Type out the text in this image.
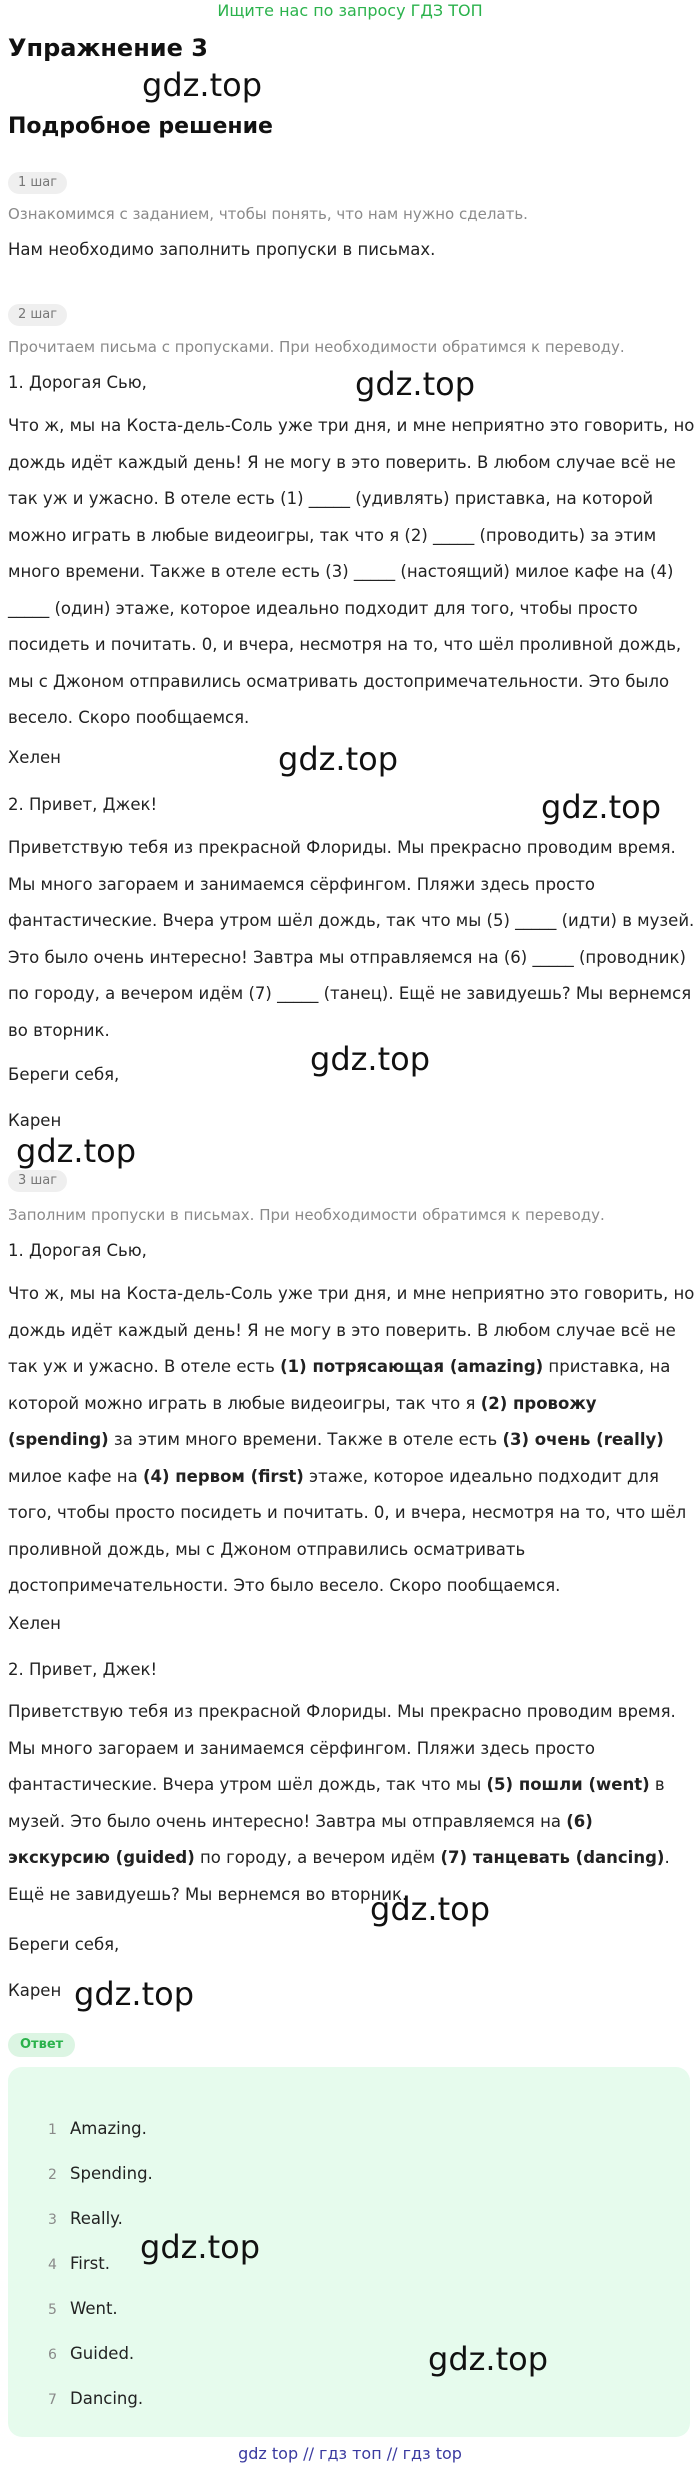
Ищите нас по запросу ГДЗ ТОП
Упражнение 3
gdz.top
Подробное решение
1 шаг
Ознакомимся с заданием, чтобы понять, что нам нужно сделать.
Нам необходимо заполнить пропуски в письмах.
2 шаг
Прочитаем письма с пропусками. При необходимости обратимся к переводу.
1. Дорогая Сью,	gdz.top
Что ж, мы на Коста-дель-Соль уже три дня, и мне неприятно это говорить, но дождь идёт каждый день! Я не могу в это поверить. В любом случае всё не так уж и ужасно. В отеле есть (1) _____ (удивлять) приставка, на которой можно играть в любые видеоигры, так что я (2) _____ (проводить) за этим много времени. Также в отеле есть (3) _____ (настоящий) милое кафе на (4) _____ (один) этаже, которое идеально подходит для того, чтобы просто посидеть и почитать. 0, и вчера, несмотря на то, что шёл проливной дождь, мы с Джоном отправились осматривать достопримечательности. Это было весело. Скоро пообщаемся.
Хелен	gdz.top
gdz.top
2. Привет, Джек!
Приветствую тебя из прекрасной Флориды. Мы прекрасно проводим время. Мы много загораем и занимаемся сёрфингом. Пляжи здесь просто фантастические. Вчера утром шёл дождь, так что мы (5) _____ (идти) в музей. Это было очень интересно! Завтра мы отправляемся на (6) _____ (проводник) по городу, а вечером идём (7) _____ (танец). Ещё не завидуешь? Мы вернемся во вторник.
gdz.top
Береги себя,
Карен
gdz.top
3 шаг
Заполним пропуски в письмах. При необходимости обратимся к переводу.
1. Дорогая Сью,
Что ж, мы на Коста-дель-Соль уже три дня, и мне неприятно это говорить, но дождь идёт каждый день! Я не могу в это поверить. В любом случае всё не так уж и ужасно. В отеле есть (1) потрясающая (amazing) приставка, на которой можно играть в любые видеоигры, так что я (2) провожу (spending) за этим много времени. Также в отеле есть (3) очень (really) милое кафе на (4) первом (first) этаже, которое идеально подходит для того, чтобы просто посидеть и почитать. 0, и вчера, несмотря на то, что шёл проливной дождь, мы с Джоном отправились осматривать достопримечательности. Это было весело. Скоро пообщаемся.
Хелен
2. Привет, Джек!
Приветствую тебя из прекрасной Флориды. Мы прекрасно проводим время. Мы много загораем и занимаемся сёрфингом. Пляжи здесь просто фантастические. Вчера утром шёл дождь, так что мы (5) пошли (went) в музей. Это было очень интересно! Завтра мы отправляемся на (6) экскурсию (guided) по городу, а вечером идём (7) танцевать (dancing). Ещё не завидуешь? Мы вернемся во вторник.
gdz.top
Береги себя,
Карен gdz.top
Ответ
1 Amazing.
2 Spending.
3 Really.
4 First.
5 Went.
6 Guided.
7 Dancing.
gdz.top
gdz.top
gdz top // гдз топ // гдз top
